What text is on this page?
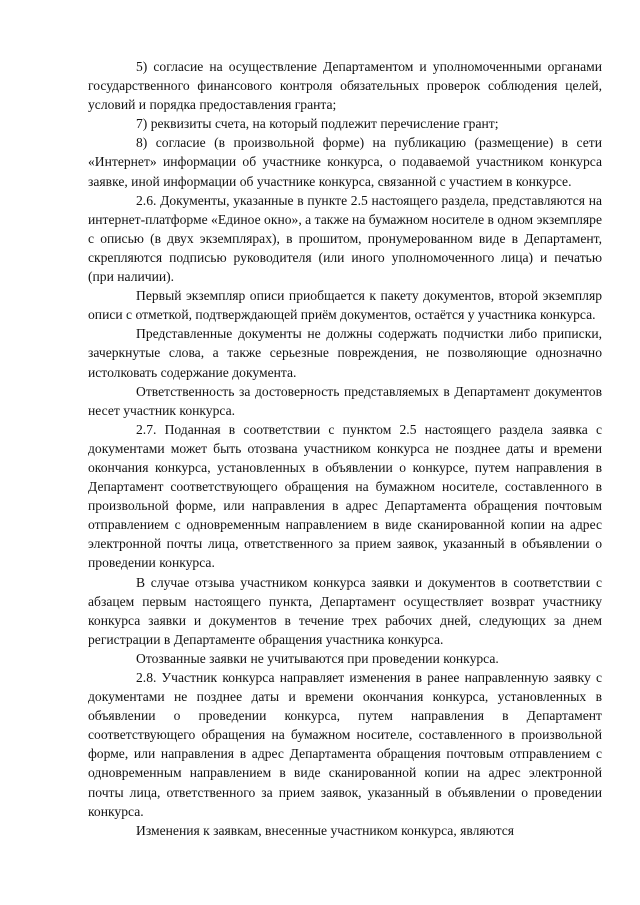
5) согласие на осуществление Департаментом и уполномоченными органами государственного финансового контроля обязательных проверок соблюдения целей, условий и порядка предоставления гранта;

7) реквизиты счета, на который подлежит перечисление грант;

8) согласие (в произвольной форме) на публикацию (размещение) в сети «Интернет» информации об участнике конкурса, о подаваемой участником конкурса заявке, иной информации об участнике конкурса, связанной с участием в конкурсе.

2.6. Документы, указанные в пункте 2.5 настоящего раздела, представляются на интернет-платформе «Единое окно», а также на бумажном носителе в одном экземпляре с описью (в двух экземплярах), в прошитом, пронумерованном виде в Департамент, скрепляются подписью руководителя (или иного уполномоченного лица) и печатью (при наличии).

Первый экземпляр описи приобщается к пакету документов, второй экземпляр описи с отметкой, подтверждающей приём документов, остаётся у участника конкурса.

Представленные документы не должны содержать подчистки либо приписки, зачеркнутые слова, а также серьезные повреждения, не позволяющие однозначно истолковать содержание документа.

Ответственность за достоверность представляемых в Департамент документов несет участник конкурса.

2.7. Поданная в соответствии с пунктом 2.5 настоящего раздела заявка с документами может быть отозвана участником конкурса не позднее даты и времени окончания конкурса, установленных в объявлении о конкурсе, путем направления в Департамент соответствующего обращения на бумажном носителе, составленного в произвольной форме, или направления в адрес Департамента обращения почтовым отправлением с одновременным направлением в виде сканированной копии на адрес электронной почты лица, ответственного за прием заявок, указанный в объявлении о проведении конкурса.

В случае отзыва участником конкурса заявки и документов в соответствии с абзацем первым настоящего пункта, Департамент осуществляет возврат участнику конкурса заявки и документов в течение трех рабочих дней, следующих за днем регистрации в Департаменте обращения участника конкурса.

Отозванные заявки не учитываются при проведении конкурса.

2.8. Участник конкурса направляет изменения в ранее направленную заявку с документами не позднее даты и времени окончания конкурса, установленных в объявлении о проведении конкурса, путем направления в Департамент соответствующего обращения на бумажном носителе, составленного в произвольной форме, или направления в адрес Департамента обращения почтовым отправлением с одновременным направлением в виде сканированной копии на адрес электронной почты лица, ответственного за прием заявок, указанный в объявлении о проведении конкурса.

Изменения к заявкам, внесенные участником конкурса, являются
